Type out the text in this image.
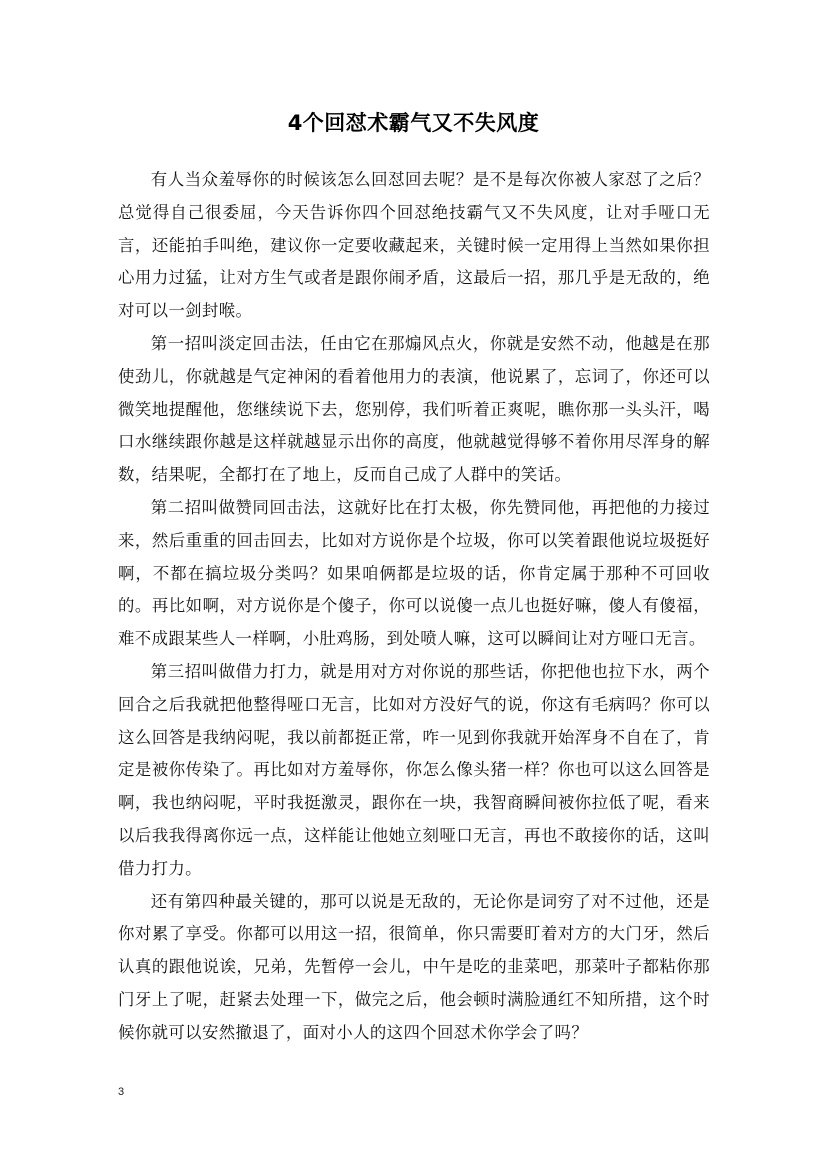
4个回怼术霸气又不失风度

有人当众羞辱你的时候该怎么回怼回去呢？是不是每次你被人家怼了之后？总觉得自己很委屈，今天告诉你四个回怼绝技霸气又不失风度，让对手哑口无言，还能拍手叫绝，建议你一定要收藏起来，关键时候一定用得上当然如果你担心用力过猛，让对方生气或者是跟你闹矛盾，这最后一招，那几乎是无敌的，绝对可以一剑封喉。

第一招叫淡定回击法，任由它在那煽风点火，你就是安然不动，他越是在那使劲儿，你就越是气定神闲的看着他用力的表演，他说累了，忘词了，你还可以微笑地提醒他，您继续说下去，您别停，我们听着正爽呢，瞧你那一头头汗，喝口水继续跟你越是这样就越显示出你的高度，他就越觉得够不着你用尽浑身的解数，结果呢，全都打在了地上，反而自己成了人群中的笑话。

第二招叫做赞同回击法，这就好比在打太极，你先赞同他，再把他的力接过来，然后重重的回击回去，比如对方说你是个垃圾，你可以笑着跟他说垃圾挺好啊，不都在搞垃圾分类吗？如果咱俩都是垃圾的话，你肯定属于那种不可回收的。再比如啊，对方说你是个傻子，你可以说傻一点儿也挺好嘛，傻人有傻福，难不成跟某些人一样啊，小肚鸡肠，到处喷人嘛，这可以瞬间让对方哑口无言。

第三招叫做借力打力，就是用对方对你说的那些话，你把他也拉下水，两个回合之后我就把他整得哑口无言，比如对方没好气的说，你这有毛病吗？你可以这么回答是我纳闷呢，我以前都挺正常，咋一见到你我就开始浑身不自在了，肯定是被你传染了。再比如对方羞辱你，你怎么像头猪一样？你也可以这么回答是啊，我也纳闷呢，平时我挺激灵，跟你在一块，我智商瞬间被你拉低了呢，看来以后我我得离你远一点，这样能让他她立刻哑口无言，再也不敢接你的话，这叫借力打力。

还有第四种最关键的，那可以说是无敌的，无论你是词穷了对不过他，还是你对累了享受。你都可以用这一招，很简单，你只需要盯着对方的大门牙，然后认真的跟他说诶，兄弟，先暂停一会儿，中午是吃的韭菜吧，那菜叶子都粘你那门牙上了呢，赶紧去处理一下，做完之后，他会顿时满脸通红不知所措，这个时候你就可以安然撤退了，面对小人的这四个回怼术你学会了吗？

3
